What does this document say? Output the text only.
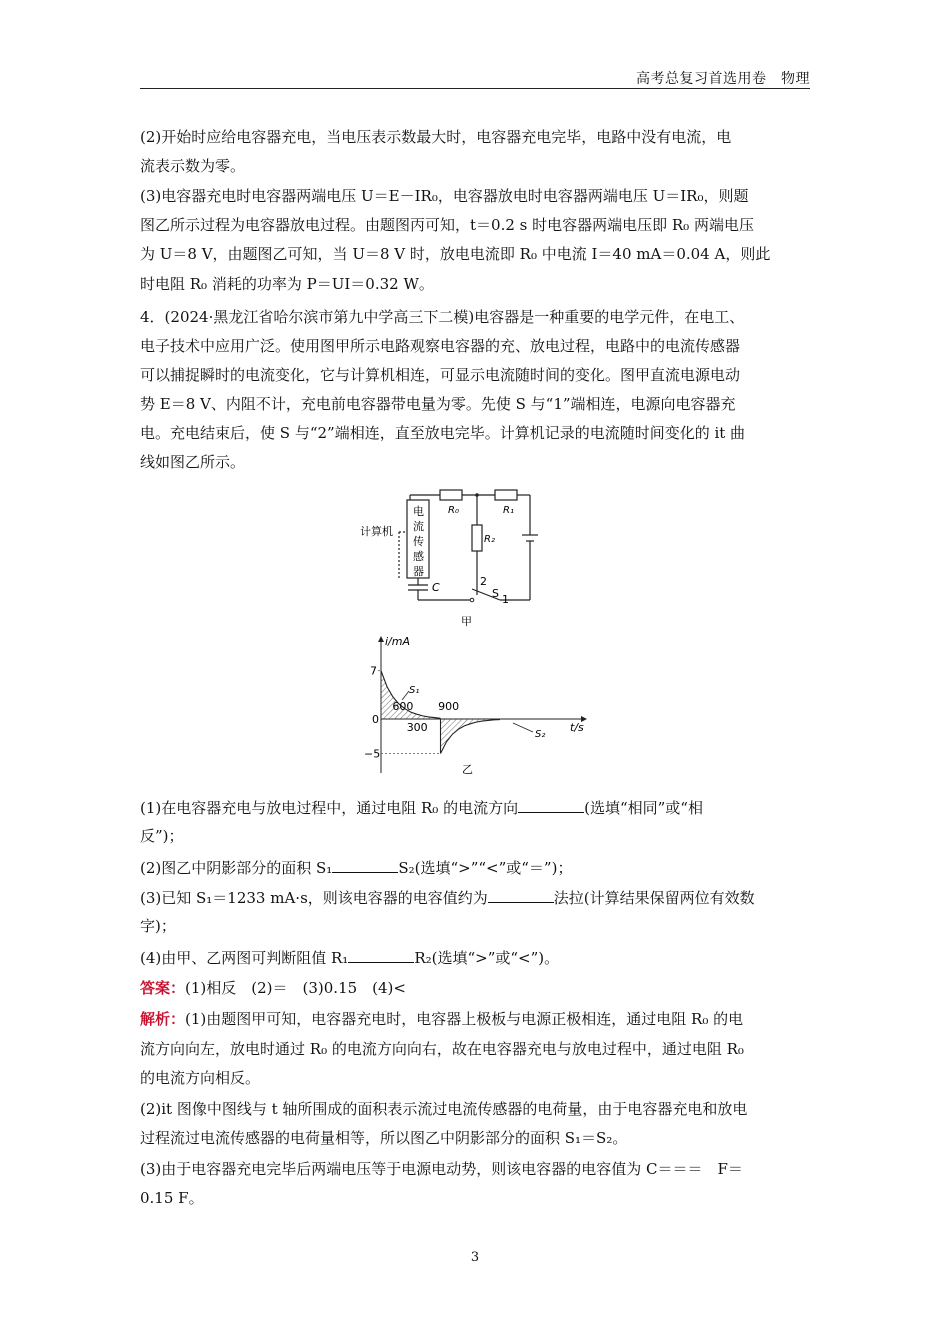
高考总复习首选用卷　物理
(2)开始时应给电容器充电，当电压表示数最大时，电容器充电完毕，电路中没有电流，电
流表示数为零。
(3)电容器充电时电容器两端电压 U＝E－IR₀，电容器放电时电容器两端电压 U＝IR₀，则题
图乙所示过程为电容器放电过程。由题图丙可知，t＝0.2 s 时电容器两端电压即 R₀ 两端电压
为 U＝8 V，由题图乙可知，当 U＝8 V 时，放电电流即 R₀ 中电流 I＝40 mA＝0.04 A，则此
时电阻 R₀ 消耗的功率为 P＝UI＝0.32 W。
4．(2024·黑龙江省哈尔滨市第九中学高三下二模)电容器是一种重要的电学元件，在电工、
电子技术中应用广泛。使用图甲所示电路观察电容器的充、放电过程，电路中的电流传感器
可以捕捉瞬时的电流变化，它与计算机相连，可显示电流随时间的变化。图甲直流电源电动
势 E＝8 V、内阻不计，充电前电容器带电量为零。先使 S 与“1”端相连，电源向电容器充
电。充电结束后，使 S 与“2”端相连，直至放电完毕。计算机记录的电流随时间变化的 it 曲
线如图乙所示。
R₀	R₁
R₂
计算机
电
流
传
感
器
C	2
S 1
甲
i/mA
t/s
7
0
−5
300
600 900
S₁
S₂
乙
(1)在电容器充电与放电过程中，通过电阻 R₀ 的电流方向	(选填“相同”或“相
反”)；
(2)图乙中阴影部分的面积 S₁	S₂(选填“>”“<”或“＝”)；
(3)已知 S₁＝1233 mA·s，则该电容器的电容值约为	法拉(计算结果保留两位有效数
字)；
(4)由甲、乙两图可判断阻值 R₁	R₂(选填“>”或“<”)。
答案：(1)相反　(2)＝　(3)0.15　(4)<
解析：(1)由题图甲可知，电容器充电时，电容器上极板与电源正极相连，通过电阻 R₀ 的电
流方向向左，放电时通过 R₀ 的电流方向向右，故在电容器充电与放电过程中，通过电阻 R₀
的电流方向相反。
(2)it 图像中图线与 t 轴所围成的面积表示流过电流传感器的电荷量，由于电容器充电和放电
过程流过电流传感器的电荷量相等，所以图乙中阴影部分的面积 S₁＝S₂。
(3)由于电容器充电完毕后两端电压等于电源电动势，则该电容器的电容值为 C＝＝＝　F＝
0.15 F。
3
